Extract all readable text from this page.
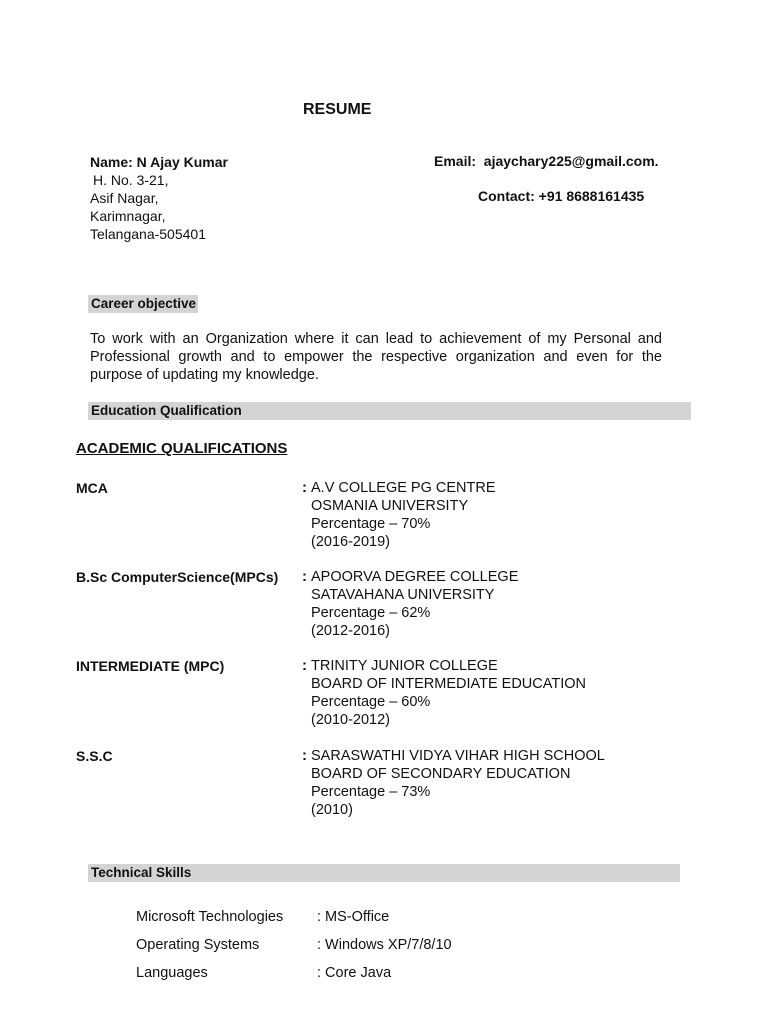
RESUME
Name: N Ajay Kumar
H. No. 3-21,
Asif Nagar,
Karimnagar,
Telangana-505401
Email: ajaychary225@gmail.com.
Contact: +91 8688161435
Career objective
To work with an Organization where it can lead to achievement of my Personal and Professional growth and to empower the respective organization and even for the purpose of updating my knowledge.
Education Qualification
ACADEMIC QUALIFICATIONS
MCA	: A.V COLLEGE PG CENTRE
OSMANIA UNIVERSITY
Percentage – 70%
(2016-2019)
B.Sc ComputerScience(MPCs) : APOORVA DEGREE COLLEGE
SATAVAHANA UNIVERSITY
Percentage – 62%
(2012-2016)
INTERMEDIATE (MPC)	: TRINITY JUNIOR COLLEGE
BOARD OF INTERMEDIATE EDUCATION
Percentage – 60%
(2010-2012)
S.S.C	: SARASWATHI VIDYA VIHAR HIGH SCHOOL
BOARD OF SECONDARY EDUCATION
Percentage – 73%
(2010)
Technical Skills
Microsoft Technologies : MS-Office
Operating Systems	: Windows XP/7/8/10
Languages	: Core Java
